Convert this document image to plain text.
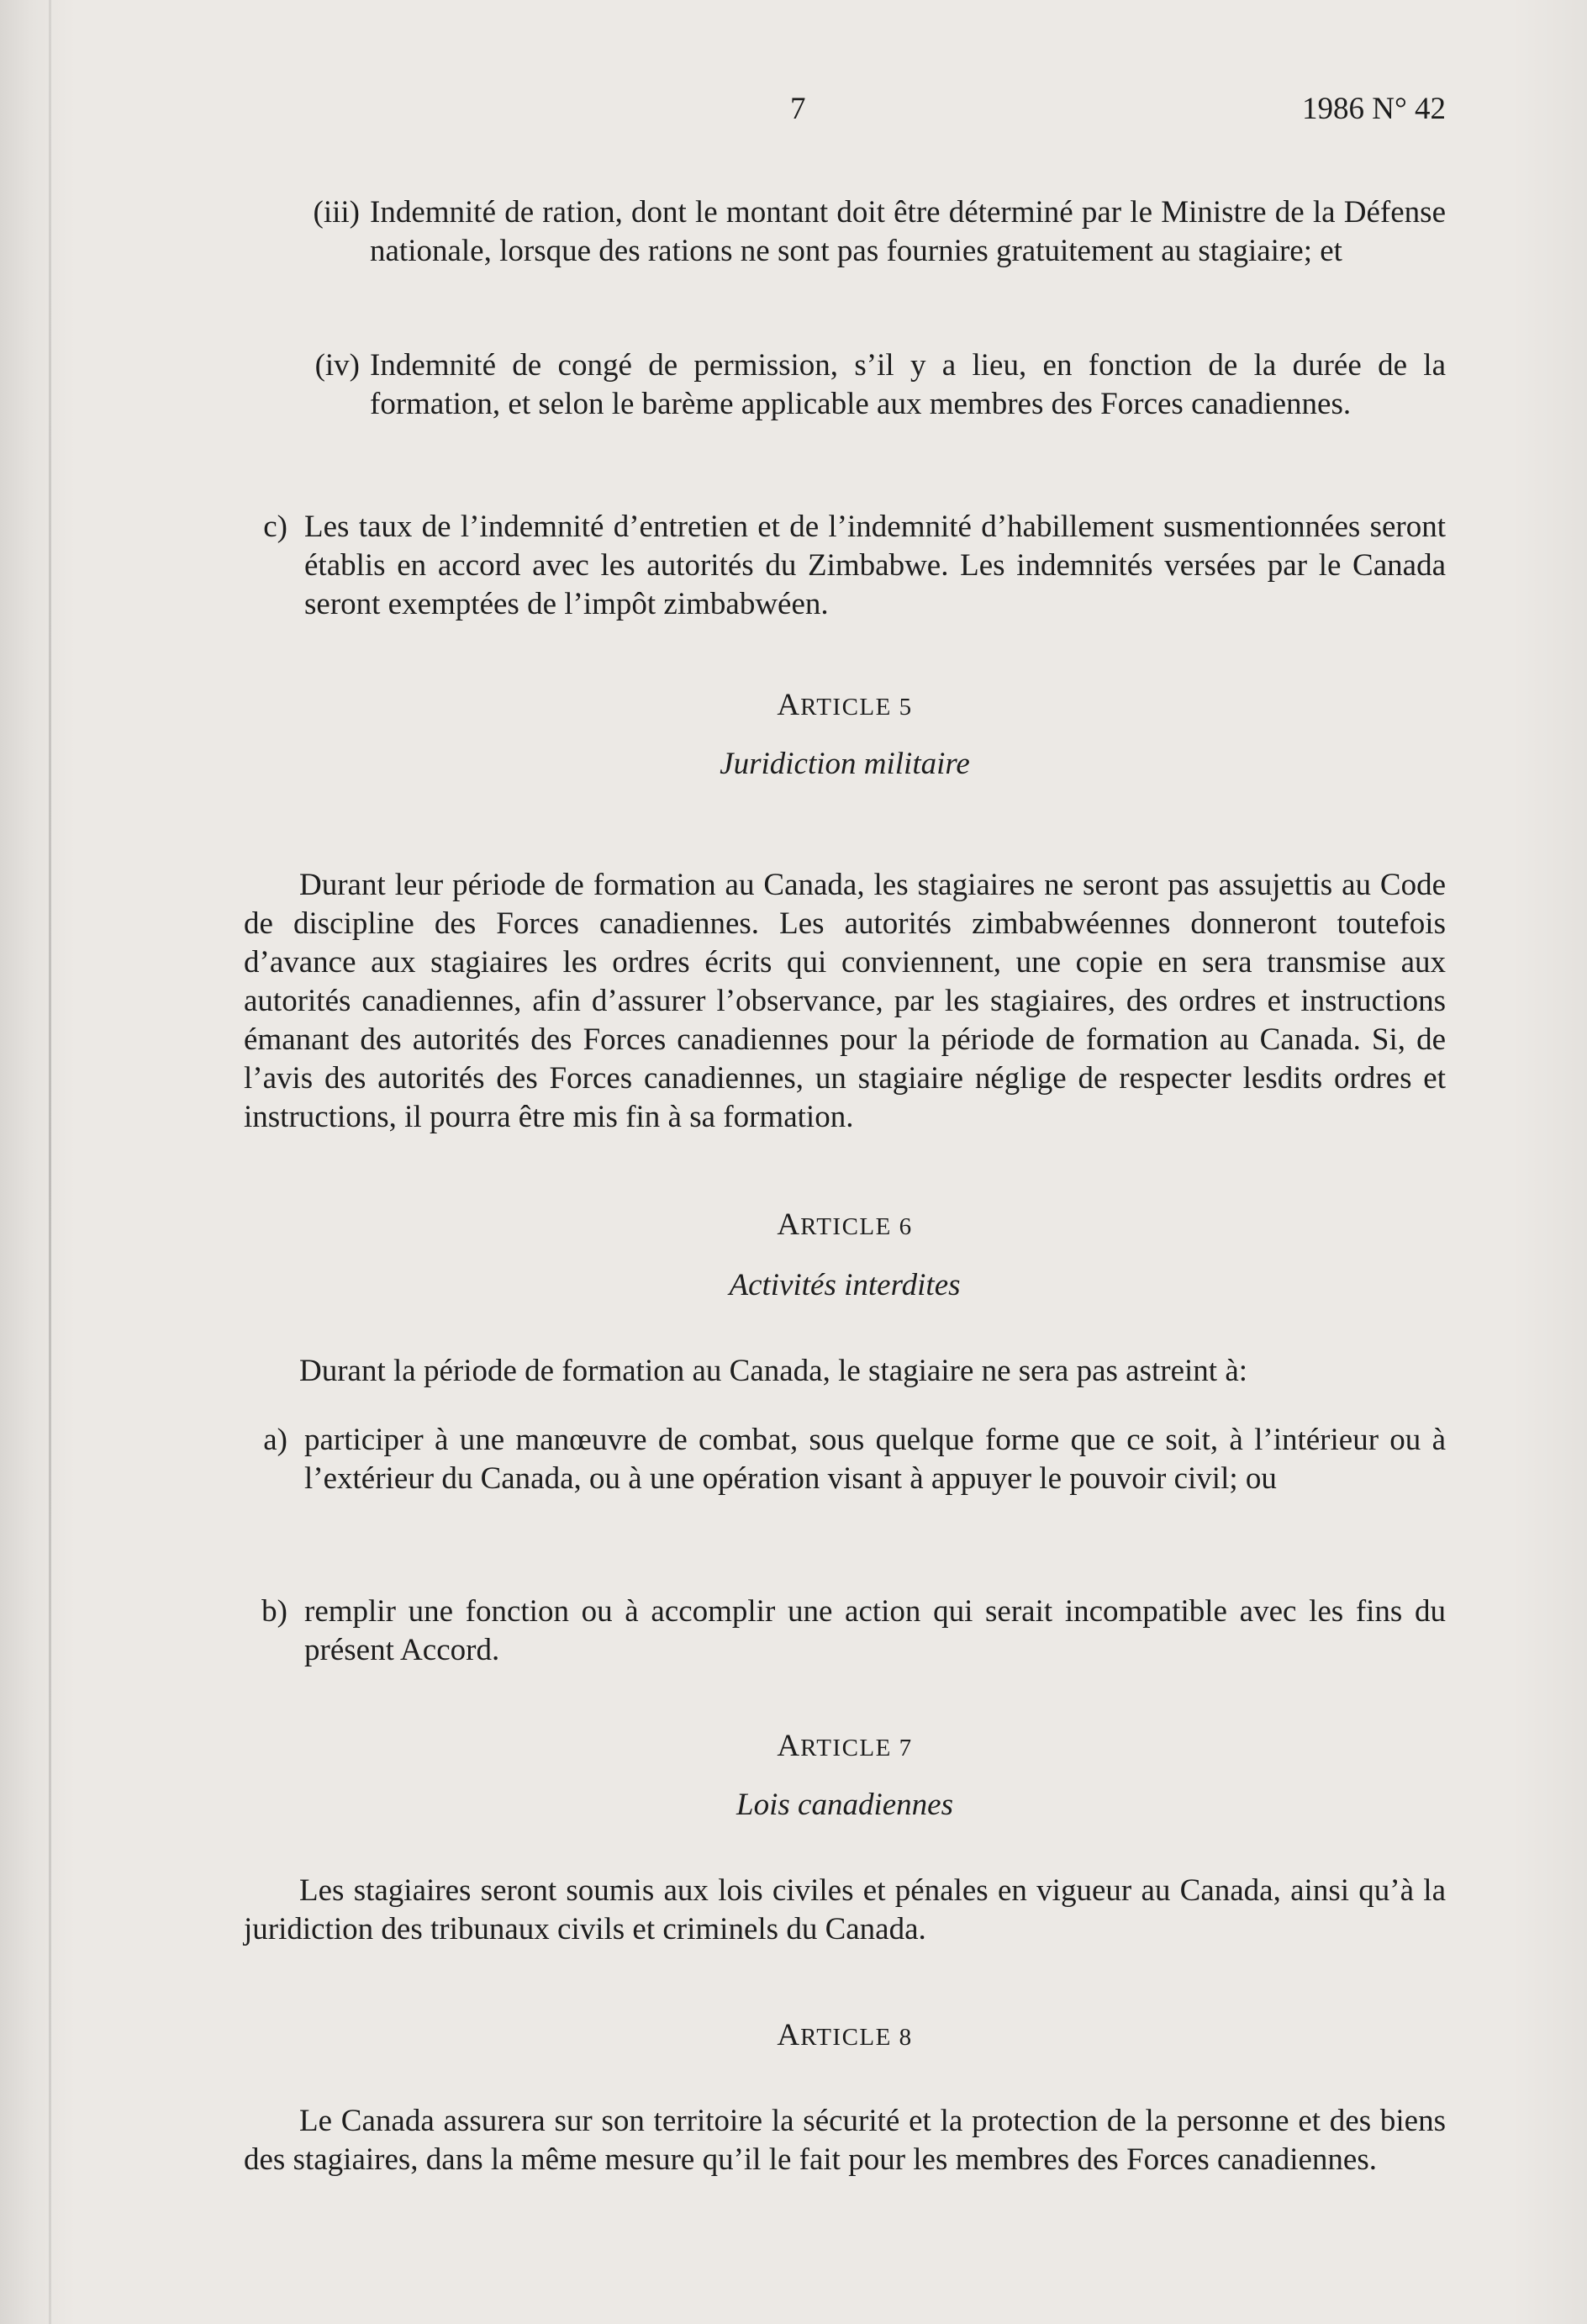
7	1986 N° 42
(iii) Indemnité de ration, dont le montant doit être déterminé par le Ministre de la Défense nationale, lorsque des rations ne sont pas fournies gratuitement au stagiaire; et
(iv) Indemnité de congé de permission, s’il y a lieu, en fonction de la durée de la formation, et selon le barème applicable aux membres des Forces canadiennes.
c) Les taux de l’indemnité d’entretien et de l’indemnité d’habillement susmentionnées seront établis en accord avec les autorités du Zimbabwe. Les indemnités versées par le Canada seront exemptées de l’impôt zimbabwéen.
ARTICLE 5
Juridiction militaire
Durant leur période de formation au Canada, les stagiaires ne seront pas assujettis au Code de discipline des Forces canadiennes. Les autorités zimbabwéennes donneront toutefois d’avance aux stagiaires les ordres écrits qui conviennent, une copie en sera transmise aux autorités canadiennes, afin d’assurer l’observance, par les stagiaires, des ordres et instructions émanant des autorités des Forces canadiennes pour la période de formation au Canada. Si, de l’avis des autorités des Forces canadiennes, un stagiaire néglige de respecter lesdits ordres et instructions, il pourra être mis fin à sa formation.
ARTICLE 6
Activités interdites
Durant la période de formation au Canada, le stagiaire ne sera pas astreint à:
a) participer à une manœuvre de combat, sous quelque forme que ce soit, à l’intérieur ou à l’extérieur du Canada, ou à une opération visant à appuyer le pouvoir civil; ou
b) remplir une fonction ou à accomplir une action qui serait incompatible avec les fins du présent Accord.
ARTICLE 7
Lois canadiennes
Les stagiaires seront soumis aux lois civiles et pénales en vigueur au Canada, ainsi qu’à la juridiction des tribunaux civils et criminels du Canada.
ARTICLE 8
Le Canada assurera sur son territoire la sécurité et la protection de la personne et des biens des stagiaires, dans la même mesure qu’il le fait pour les membres des Forces canadiennes.
